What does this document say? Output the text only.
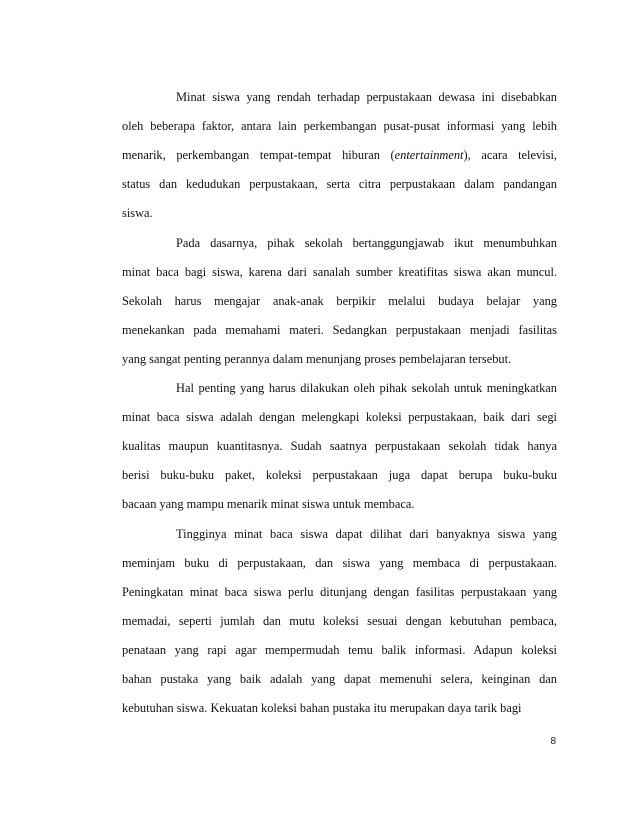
Minat siswa yang rendah terhadap perpustakaan dewasa ini disebabkan
oleh beberapa faktor, antara lain perkembangan pusat-pusat informasi yang lebih
menarik, perkembangan tempat-tempat hiburan (entertainment), acara televisi,
status dan kedudukan perpustakaan, serta citra perpustakaan dalam pandangan
siswa.
Pada dasarnya, pihak sekolah bertanggungjawab ikut menumbuhkan
minat baca bagi siswa, karena dari sanalah sumber kreatifitas siswa akan muncul.
Sekolah harus mengajar anak-anak berpikir melalui budaya belajar yang
menekankan pada memahami materi. Sedangkan perpustakaan menjadi fasilitas
yang sangat penting perannya dalam menunjang proses pembelajaran tersebut.
Hal penting yang harus dilakukan oleh pihak sekolah untuk meningkatkan
minat baca siswa adalah dengan melengkapi koleksi perpustakaan, baik dari segi
kualitas maupun kuantitasnya. Sudah saatnya perpustakaan sekolah tidak hanya
berisi buku-buku paket, koleksi perpustakaan juga dapat berupa buku-buku
bacaan yang mampu menarik minat siswa untuk membaca.
Tingginya minat baca siswa dapat dilihat dari banyaknya siswa yang
meminjam buku di perpustakaan, dan siswa yang membaca di perpustakaan.
Peningkatan minat baca siswa perlu ditunjang dengan fasilitas perpustakaan yang
memadai, seperti jumlah dan mutu koleksi sesuai dengan kebutuhan pembaca,
penataan yang rapi agar mempermudah temu balik informasi. Adapun koleksi
bahan pustaka yang baik adalah yang dapat memenuhi selera, keinginan dan
kebutuhan siswa. Kekuatan koleksi bahan pustaka itu merupakan daya tarik bagi
8
